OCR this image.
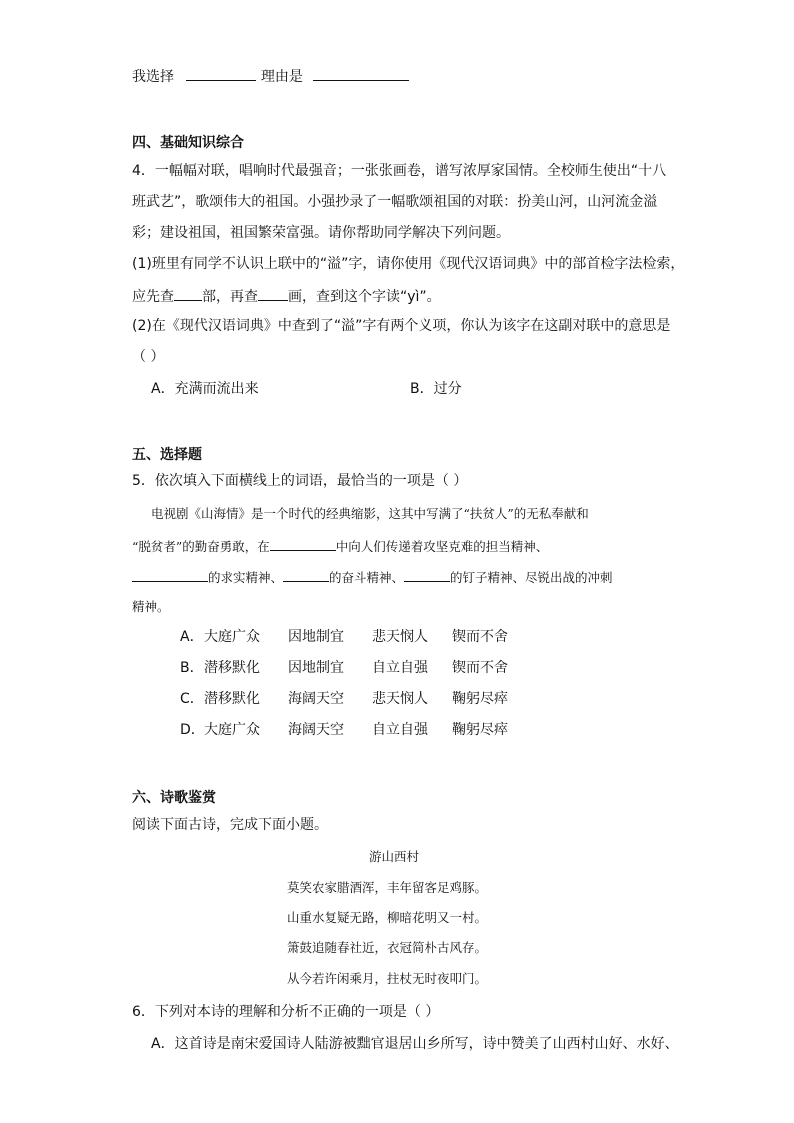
我选择	理由是
四、基础知识综合
4．一幅幅对联，唱响时代最强音；一张张画卷，谱写浓厚家国情。全校师生使出“十八
班武艺”，歌颂伟大的祖国。小强抄录了一幅歌颂祖国的对联：扮美山河，山河流金溢
彩；建设祖国，祖国繁荣富强。请你帮助同学解决下列问题。
(1)班里有同学不认识上联中的“溢”字，请你使用《现代汉语词典》中的部首检字法检索，
应先查 部，再查 画，查到这个字读“yì”。
(2)在《现代汉语词典》中查到了“溢”字有两个义项，你认为该字在这副对联中的意思是
（ ）
A．充满而流出来	B．过分
五、选择题
5．依次填入下面横线上的词语，最恰当的一项是（ ）
电视剧《山海情》是一个时代的经典缩影，这其中写满了“扶贫人”的无私奉献和
“脱贫者”的勤奋勇敢，在	中向人们传递着攻坚克难的担当精神、
的求实精神、	的奋斗精神、	的钉子精神、尽锐出战的冲刺
精神。
A．大庭广众 因地制宜 悲天悯人 锲而不舍
B．潜移默化 因地制宜 自立自强 锲而不舍
C．潜移默化 海阔天空 悲天悯人 鞠躬尽瘁
D．大庭广众 海阔天空 自立自强 鞠躬尽瘁
六、诗歌鉴赏
阅读下面古诗，完成下面小题。
游山西村
莫笑农家腊酒浑，丰年留客足鸡豚。
山重水复疑无路，柳暗花明又一村。
箫鼓追随春社近，衣冠简朴古风存。
从今若许闲乘月，拄杖无时夜叩门。
6．下列对本诗的理解和分析不正确的一项是（ ）
A．这首诗是南宋爱国诗人陆游被黜官退居山乡所写，诗中赞美了山西村山好、水好、
